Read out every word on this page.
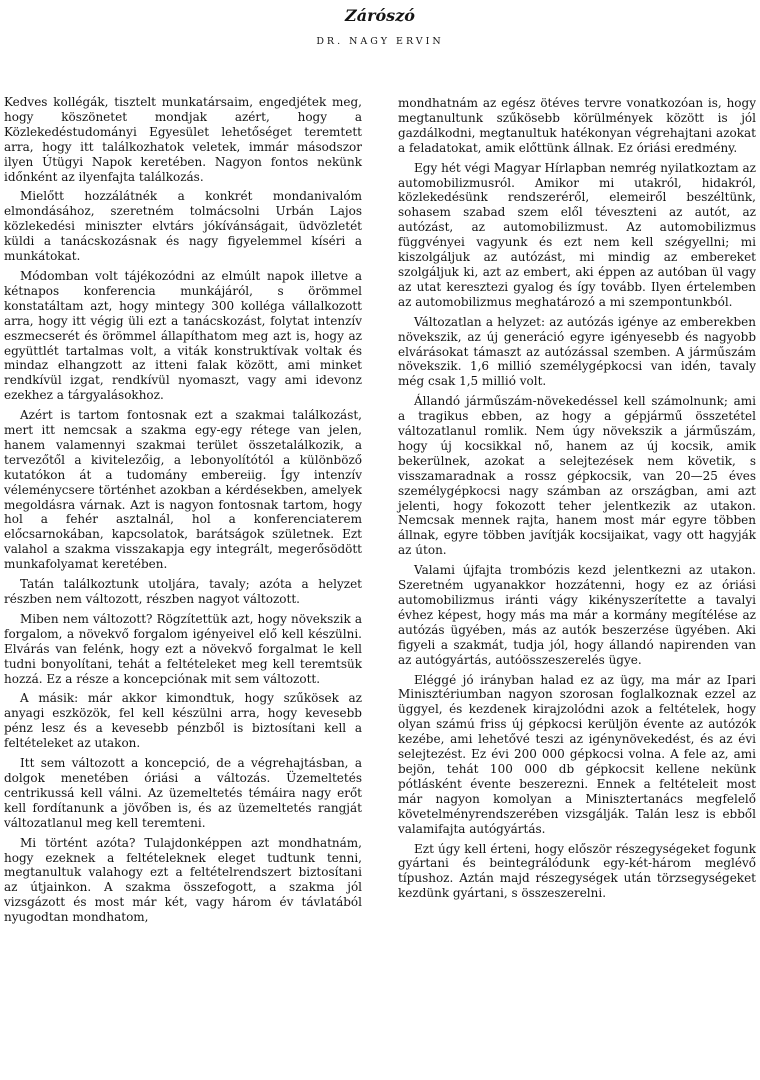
Zárószó
DR. NAGY ERVIN

Kedves kollégák, tisztelt munkatársaim, engedjétek meg, hogy köszönetet mondjak azért, hogy a Közlekedéstudományi Egyesület lehetőséget teremtett arra, hogy itt találkozhatok veletek, immár másodszor ilyen Útügyi Napok keretében. Nagyon fontos nekünk időnként az ilyenfajta találkozás.

Mielőtt hozzálátnék a konkrét mondanivalóm elmondásához, szeretném tolmácsolni Urbán Lajos közlekedési miniszter elvtárs jókívánságait, üdvözletét küldi a tanácskozásnak és nagy figyelemmel kíséri a munkátokat.

Módomban volt tájékozódni az elmúlt napok illetve a kétnapos konferencia munkájáról, s örömmel konstatáltam azt, hogy mintegy 300 kolléga vállalkozott arra, hogy itt végig üli ezt a tanácskozást, folytat intenzív eszmecserét és örömmel állapíthatom meg azt is, hogy az együttlét tartalmas volt, a viták konstruktívak voltak és mindaz elhangzott az itteni falak között, ami minket rendkívül izgat, rendkívül nyomaszt, vagy ami idevonz ezekhez a tárgyalásokhoz.

Azért is tartom fontosnak ezt a szakmai találkozást, mert itt nemcsak a szakma egy-egy rétege van jelen, hanem valamennyi szakmai terület összetalálkozik, a tervezőtől a kivitelezőig, a lebonyolítótól a különböző kutatókon át a tudomány embereiig. Így intenzív véleménycsere történhet azokban a kérdésekben, amelyek megoldásra várnak. Azt is nagyon fontosnak tartom, hogy hol a fehér asztalnál, hol a konferenciaterem előcsarnokában, kapcsolatok, barátságok születnek. Ezt valahol a szakma visszakapja egy integrált, megerősödött munkafolyamat keretében.

Tatán találkoztunk utoljára, tavaly; azóta a helyzet részben nem változott, részben nagyot változott.

Miben nem változott? Rögzítettük azt, hogy növekszik a forgalom, a növekvő forgalom igényeivel elő kell készülni. Elvárás van felénk, hogy ezt a növekvő forgalmat le kell tudni bonyolítani, tehát a feltételeket meg kell teremtsük hozzá. Ez a része a koncepciónak mit sem változott.

A másik: már akkor kimondtuk, hogy szűkösek az anyagi eszközök, fel kell készülni arra, hogy kevesebb pénz lesz és a kevesebb pénzből is biztosítani kell a feltételeket az utakon.

Itt sem változott a koncepció, de a végrehajtásban, a dolgok menetében óriási a változás. Üzemeltetés centrikussá kell válni. Az üzemeltetés témáira nagy erőt kell fordítanunk a jövőben is, és az üzemeltetés rangját változatlanul meg kell teremteni.

Mi történt azóta? Tulajdonképpen azt mondhatnám, hogy ezeknek a feltételeknek eleget tudtunk tenni, megtanultuk valahogy ezt a feltételrendszert biztosítani az útjainkon. A szakma összefogott, a szakma jól vizsgázott és most már két, vagy három év távlatából nyugodtan mondhatom,

mondhatnám az egész ötéves tervre vonatkozóan is, hogy megtanultunk szűkösebb körülmények között is jól gazdálkodni, megtanultuk hatékonyan végrehajtani azokat a feladatokat, amik előttünk állnak. Ez óriási eredmény.

Egy hét végi Magyar Hírlapban nemrég nyilatkoztam az automobilizmusról. Amikor mi utakról, hidakról, közlekedésünk rendszeréről, elemeiről beszéltünk, sohasem szabad szem elől téveszteni az autót, az autózást, az automobilizmust. Az automobilizmus függvényei vagyunk és ezt nem kell szégyellni; mi kiszolgáljuk az autózást, mi mindig az embereket szolgáljuk ki, azt az embert, aki éppen az autóban ül vagy az utat keresztezi gyalog és így tovább. Ilyen értelemben az automobilizmus meghatározó a mi szempontunkból.

Változatlan a helyzet: az autózás igénye az emberekben növekszik, az új generáció egyre igényesebb és nagyobb elvárásokat támaszt az autózással szemben. A járműszám növekszik. 1,6 millió személygépkocsi van idén, tavaly még csak 1,5 millió volt.

Állandó járműszám-növekedéssel kell számolnunk; ami a tragikus ebben, az hogy a gépjármű összetétel változatlanul romlik. Nem úgy növekszik a járműszám, hogy új kocsikkal nő, hanem az új kocsik, amik bekerülnek, azokat a selejtezések nem követik, s visszamaradnak a rossz gépkocsik, van 20—25 éves személygépkocsi nagy számban az országban, ami azt jelenti, hogy fokozott teher jelentkezik az utakon. Nemcsak mennek rajta, hanem most már egyre többen állnak, egyre többen javítják kocsijaikat, vagy ott hagyják az úton.

Valami újfajta trombózis kezd jelentkezni az utakon. Szeretném ugyanakkor hozzátenni, hogy ez az óriási automobilizmus iránti vágy kikényszerítette a tavalyi évhez képest, hogy más ma már a kormány megítélése az autózás ügyében, más az autók beszerzése ügyében. Aki figyeli a szakmát, tudja jól, hogy állandó napirenden van az autógyártás, autóösszeszerelés ügye.

Eléggé jó irányban halad ez az ügy, ma már az Ipari Minisztériumban nagyon szorosan foglalkoznak ezzel az üggyel, és kezdenek kirajzolódni azok a feltételek, hogy olyan számú friss új gépkocsi kerüljön évente az autózók kezébe, ami lehetővé teszi az igénynövekedést, és az évi selejtezést. Ez évi 200 000 gépkocsi volna. A fele az, ami bejön, tehát 100 000 db gépkocsit kellene nekünk pótlásként évente beszerezni. Ennek a feltételeit most már nagyon komolyan a Minisztertanács megfelelő követelményrendszerében vizsgálják. Talán lesz is ebből valamifajta autógyártás.

Ezt úgy kell érteni, hogy először részegységeket fogunk gyártani és beintegrálódunk egy-két-három meglévő típushoz. Aztán majd részegységek után törzsegységeket kezdünk gyártani, s összeszerelni.
